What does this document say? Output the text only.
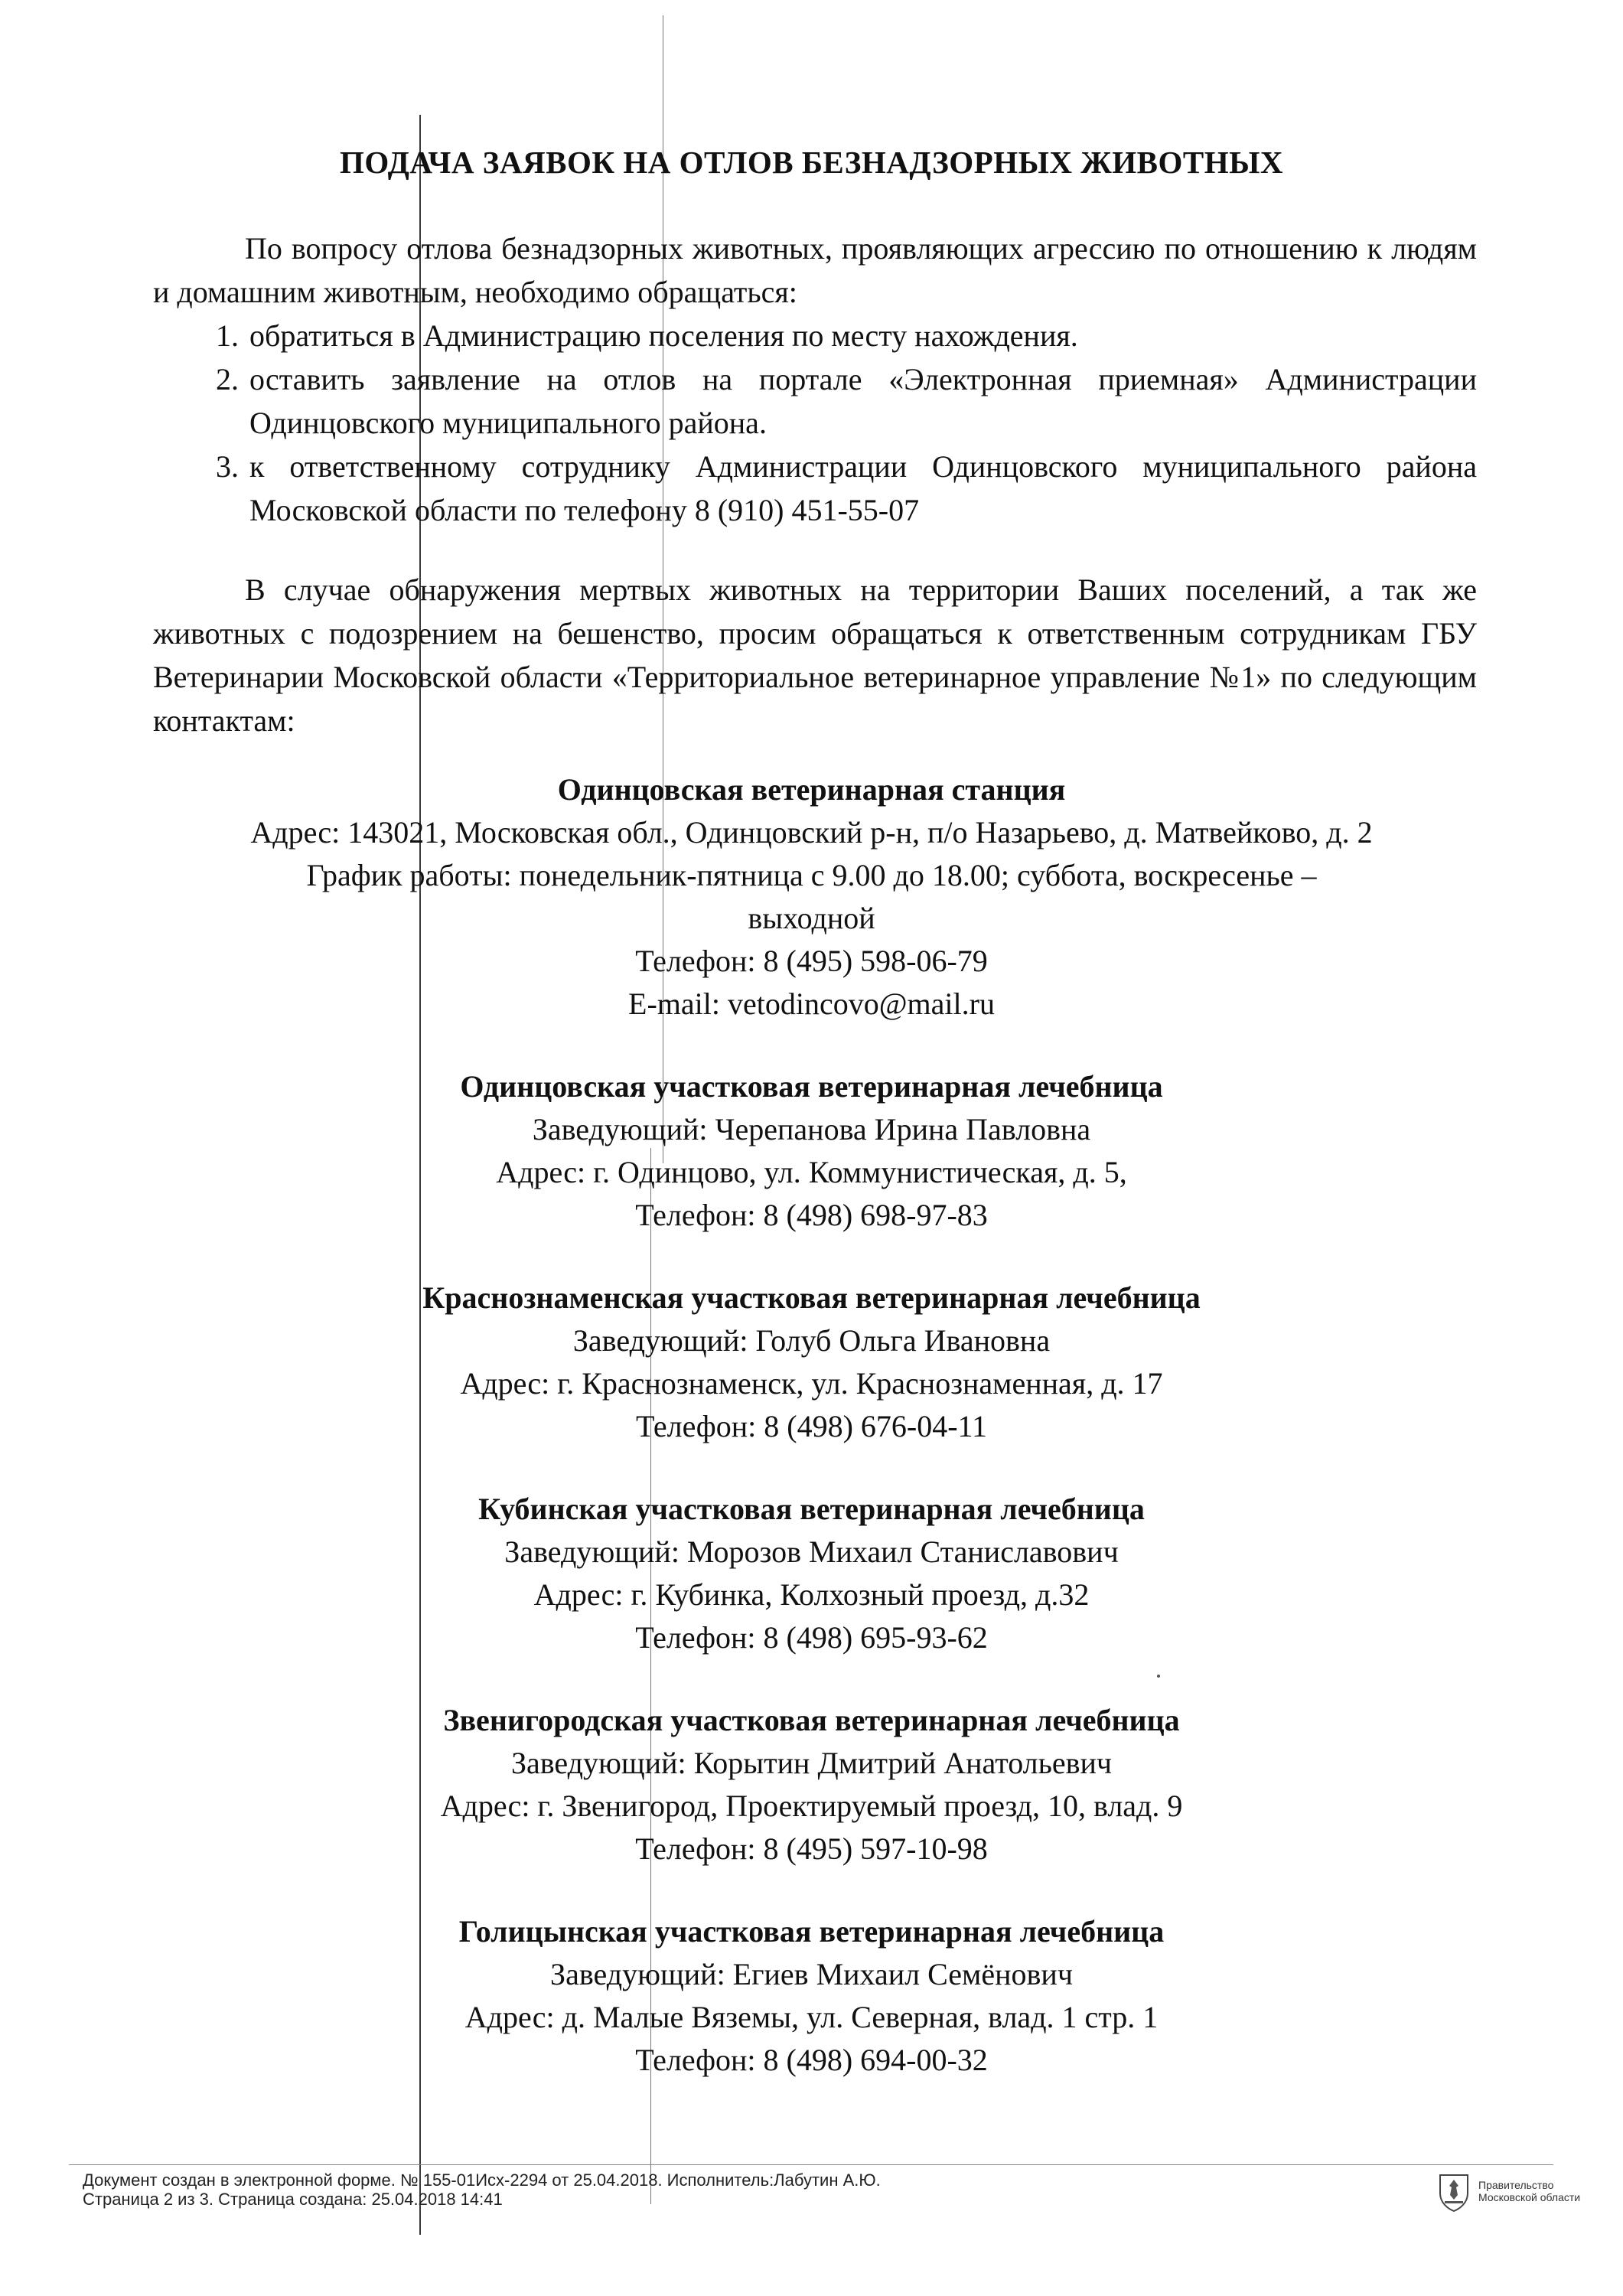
ПОДАЧА ЗАЯВОК НА ОТЛОВ БЕЗНАДЗОРНЫХ ЖИВОТНЫХ
По вопросу отлова безнадзорных животных, проявляющих агрессию по отношению к людям и домашним животным, необходимо обращаться:
1. обратиться в Администрацию поселения по месту нахождения.
2. оставить заявление на отлов на портале «Электронная приемная» Администрации Одинцовского муниципального района.
3. к ответственному сотруднику Администрации Одинцовского муниципального района Московской области по телефону 8 (910) 451-55-07
В случае обнаружения мертвых животных на территории Ваших поселений, а так же животных с подозрением на бешенство, просим обращаться к ответственным сотрудникам ГБУ Ветеринарии Московской области «Территориальное ветеринарное управление №1» по следующим контактам:
Одинцовская ветеринарная станция
Адрес: 143021, Московская обл., Одинцовский р-н, п/о Назарьево, д. Матвейково, д. 2
График работы: понедельник-пятница с 9.00 до 18.00; суббота, воскресенье –
выходной
Телефон: 8 (495) 598-06-79
E-mail: vetodincovo@mail.ru
Одинцовская участковая ветеринарная лечебница
Заведующий: Черепанова Ирина Павловна
Адрес: г. Одинцово, ул. Коммунистическая, д. 5,
Телефон: 8 (498) 698-97-83
Краснознаменская участковая ветеринарная лечебница
Заведующий: Голуб Ольга Ивановна
Адрес: г. Краснознаменск, ул. Краснознаменная, д. 17
Телефон: 8 (498) 676-04-11
Кубинская участковая ветеринарная лечебница
Заведующий: Морозов Михаил Станиславович
Адрес: г. Кубинка, Колхозный проезд, д.32
Телефон: 8 (498) 695-93-62
Звенигородская участковая ветеринарная лечебница
Заведующий: Корытин Дмитрий Анатольевич
Адрес: г. Звенигород, Проектируемый проезд, 10, влад. 9
Телефон: 8 (495) 597-10-98
Голицынская участковая ветеринарная лечебница
Заведующий: Егиев Михаил Семёнович
Адрес: д. Малые Вяземы, ул. Северная, влад. 1 стр. 1
Телефон: 8 (498) 694-00-32
Документ создан в электронной форме. № 155-01Исх-2294 от 25.04.2018. Исполнитель:Лабутин А.Ю.
Страница 2 из 3. Страница создана: 25.04.2018 14:41
Правительство
Московской области
